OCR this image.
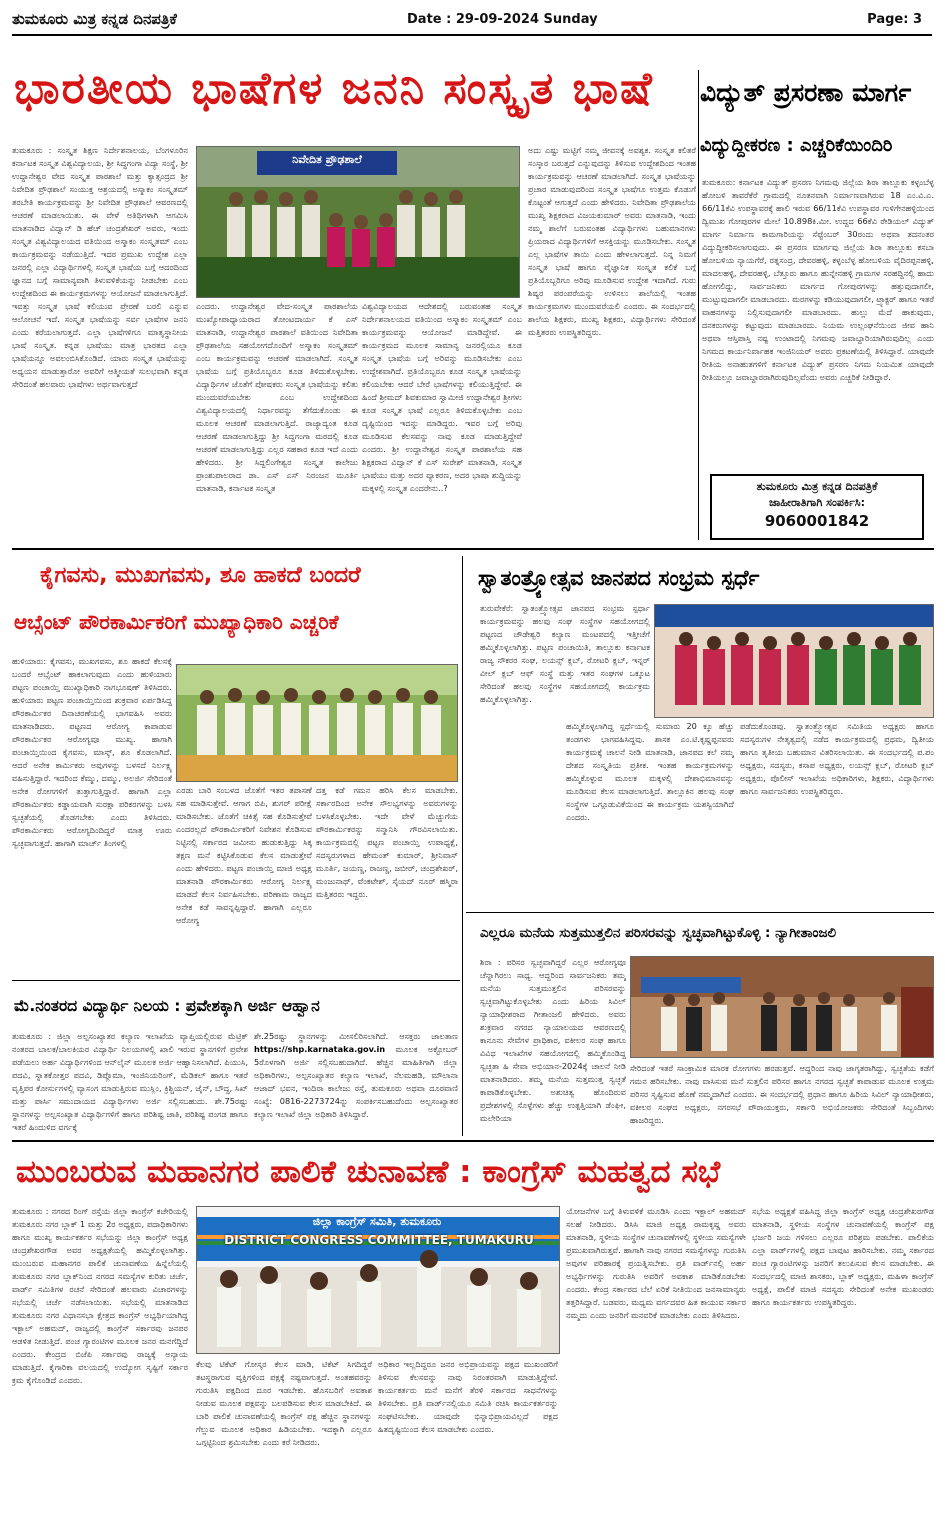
ತುಮಕೂರು ಮಿತ್ರ ಕನ್ನಡ ದಿನಪತ್ರಿಕೆ	Date : 29-09-2024 Sunday	Page: 3
ಭಾರತೀಯ ಭಾಷೆಗಳ ಜನನಿ ಸಂಸ್ಕೃತ ಭಾಷೆ	ವಿದ್ಯುತ್ ಪ್ರಸರಣಾ ಮಾರ್ಗ
ವಿದ್ಯುದ್ದೀಕರಣ : ಎಚ್ಚರಿಕೆಯಿಂದಿರಿ
ತುಮಕೂರು : ಸಂಸ್ಕೃತ ಶಿಕ್ಷಣ ನಿರ್ದೇಶನಾಲಯ, ಬೆಂಗಳೂರಿನ ಕರ್ನಾಟಕ ಸಂಸ್ಕೃತ ವಿಶ್ವವಿದ್ಯಾಲಯ, ಶ್ರೀ ಸಿದ್ಧಗಂಗಾ ವಿದ್ಯಾ ಸಂಸ್ಥೆ, ಶ್ರೀ ಉದ್ದಾನೇಶ್ವರ ವೇದ ಸಂಸ್ಕೃತ ಪಾಠಶಾಲೆ ಮತ್ತು ಕ್ಯಾತ್ಸಂದ್ರದ ಶ್ರೀ ನಿವೇದಿತ ಪ್ರೌಢಶಾಲೆ ಸಂಯುಕ್ತ ಆಶ್ರಯದಲ್ಲಿ ಅಸ್ಮಾಕಂ ಸಂಸ್ಕೃತಮ್ ತರಬೇತಿ ಕಾರ್ಯಕ್ರಮವನ್ನು ಶ್ರೀ ನಿವೇದಿತ ಪ್ರೌಢಶಾಲೆ ಆವರಣದಲ್ಲಿ ಆಚರಣೆ ಮಾಡಲಾಯಿತು. ಈ ವೇಳೆ ಅತಿಥಿಗಳಾಗಿ ಆಗಮಿಸಿ ಮಾತನಾಡಿದ ವಿದ್ವಾನ್ ಡಿ ಹೆಚ್ ಚಂದ್ರಶೇಖರ್ ಅವರು, ಇಂದು ಸಂಸ್ಕೃತ ವಿಶ್ವವಿದ್ಯಾಲಯದ ವತಿಯಿಂದ ಅಸ್ಮಾಕಂ ಸಂಸ್ಕೃತಮ್ ಎಂಬ ಕಾರ್ಯಕ್ರಮವನ್ನು ನಡೆಯುತ್ತಿದೆ. ಇದರ ಪ್ರಮುಖ ಉದ್ದೇಶ ಎಲ್ಲಾ ಜನರಲ್ಲಿ ಎಲ್ಲಾ ವಿದ್ಯಾರ್ಥಿಗಳಲ್ಲಿ ಸಂಸ್ಕೃತ ಭಾಷೆಯ ಬಗ್ಗೆ ಆದರದಿಂದ ಜ್ಞಾನದ ಬಗ್ಗೆ ಸಾಮಾನ್ಯವಾಗಿ ತಿಳುವಳಿಕೆಯನ್ನು ನೀಡಬೇಕು ಎಂಬ ಉದ್ದೇಶದಿಂದ ಈ ಕಾರ್ಯಕ್ರಮಗಳನ್ನು ಆಯೋಜನೆ ಮಾಡಲಾಗುತ್ತಿದೆ. ಇವತ್ತು ಸಂಸ್ಕೃತ ಭಾಷೆ ಕಲಿಯುವ ಪ್ರೇರಣೆ ಬರಲಿ ಎನ್ನುವ ಆಲೋಚನೆ ಇದೆ. ಸಂಸ್ಕೃತ ಭಾಷೆಯನ್ನು ಸರ್ವ ಭಾಷೆಗಳ ಜನನಿ ಎಂದು ಕರೆಯಲಾಗುತ್ತದೆ. ಎಲ್ಲಾ ಭಾಷೆಗಳಿಗೂ ಮಾತೃಸ್ಥಾನೀಯ ಭಾಷೆ ಸಂಸ್ಕೃತ. ಕನ್ನಡ ಭಾಷೆಯು ಮಾತ್ರ ಭಾರತದ ಎಲ್ಲಾ ಭಾಷೆಯನ್ನೂ ಅವಲಂಬಿಸಿಕೊಂಡಿದೆ. ಯಾರು ಸಂಸ್ಕೃತ ಭಾಷೆಯನ್ನು ಅಧ್ಯಯನ ಮಾಡುತ್ತಾರೋ ಅವರಿಗೆ ಆತ್ಮೀಯತೆ ಸುಲಭವಾಗಿ ಕನ್ನಡ ಸೇರಿದಂತೆ ಹಲವಾರು ಭಾಷೆಗಳು ಅರ್ಥವಾಗುತ್ತದೆ
ನಿವೇದಿತ ಪ್ರೌಢಶಾಲೆ
ಎಂದರು. ಉದ್ದಾನೇಶ್ವರ ವೇದ-ಸಂಸ್ಕೃತ ಪಾಠಶಾಲೆಯ ಮುಖ್ಯೋಪಾಧ್ಯಾಯರಾದ ತೋಂಟದಾರ್ಯ ಕೆ ಎಸ್ ಮಾತನಾಡಿ, ಉದ್ದಾನೇಶ್ವರ ಪಾಠಶಾಲೆ ವತಿಯಿಂದ ನಿವೇದಿತಾ ಪ್ರೌಢಶಾಲೆಯ ಸಹಯೋಗದೊಂದಿಗೆ ಅಸ್ಮಾಕಂ ಸಂಸ್ಕೃತಮ್ ಎಂಬ ಕಾರ್ಯಕ್ರಮವನ್ನು ಆಚರಣೆ ಮಾಡಲಾಗಿದೆ. ಸಂಸ್ಕೃತ ಭಾಷೆಯ ಬಗ್ಗೆ ಪ್ರತಿಯೊಬ್ಬರೂ ಕೂಡ ತಿಳಿದುಕೊಳ್ಳಬೇಕು. ವಿದ್ಯಾರ್ಥಿಗಳ ಜೊತೆಗೆ ಪೋಷಕರು ಸಂಸ್ಕೃತ ಭಾಷೆಯನ್ನು ಕಲಿತು ಮುಂದುವರೆಯಬೇಕು ಎಂಬ ಉದ್ದೇಶದಿಂದ ವಿಶ್ವವಿದ್ಯಾಲಯದಲ್ಲಿ ನಿರ್ಧಾರವನ್ನು ತೆಗೆದುಕೊಂಡು ಈ ಮೂಲಕ ಆಚರಣೆ ಮಾಡಲಾಗುತ್ತಿದೆ. ರಾಜ್ಯಾದ್ಯಂತ ಕೂಡ ಆಚರಣೆ ಮಾಡಲಾಗುತ್ತಿದ್ದು ಶ್ರೀ ಸಿದ್ದಗಂಗಾ ಮಠದಲ್ಲಿ ಕೂಡ ಆಚರಣೆ ಮಾಡಲಾಗುತ್ತಿದ್ದು ಎಲ್ಲರ ಸಹಕಾರ ಕೂಡ ಇದೆ ಎಂದು ಹೇಳಿದರು. ಶ್ರೀ ಸಿದ್ದಲಿಂಗೇಶ್ವರ ಸಂಸ್ಕೃತ ಕಾಲೇಜು ಪ್ರಾಂಶುಪಾಲರಾದ ಡಾ. ಎಸ್ ಎಸ್ ನಿರಂಜನ ಮೂರ್ತಿ ಮಾತನಾಡಿ, ಕರ್ನಾಟಕ ಸಂಸ್ಕೃತ
ವಿಶ್ವವಿದ್ಯಾಲಯದ ಆದೇಶದಲ್ಲಿ ಬರುವಂತಹ ಸಂಸ್ಕೃತ ನಿರ್ದೇಶನಾಲಯದ ವತಿಯಿಂದ ಅಸ್ಮಾಕಂ ಸಂಸ್ಕೃತಮ್ ಎಂಬ ಕಾರ್ಯಕ್ರಮವನ್ನು ಆಯೋಜನೆ ಮಾಡಿದ್ದೇವೆ. ಈ ಕಾರ್ಯಕ್ರಮದ ಮೂಲಕ ಸಾಮಾನ್ಯ ಜನರಲ್ಲಿಯೂ ಕೂಡ ಸಂಸ್ಕೃತ ಭಾಷೆಯ ಬಗ್ಗೆ ಅರಿವನ್ನು ಮೂಡಿಸಬೇಕು ಎಂಬ ಉದ್ದೇಶವಾಗಿದೆ. ಪ್ರತಿಯೊಬ್ಬರೂ ಕೂಡ ಸಂಸ್ಕೃತ ಭಾಷೆಯನ್ನು ಕಲಿಯಬೇಕು ಆದರೆ ಬೇರೆ ಭಾಷೆಗಳನ್ನು ಕಲಿಯುತ್ತಿದ್ದೇವೆ. ಈ ಹಿಂದೆ ಶ್ರೀಮದ್ ಶಿವಕುಮಾರ ಸ್ವಾಮೀಜಿ ಉದ್ದಾನೇಶ್ವರ ಶ್ರೀಗಳು ಕೂಡ ಸಂಸ್ಕೃತ ಭಾಷೆ ಎಲ್ಲರೂ ತಿಳಿದುಕೊಳ್ಳಬೇಕು ಎಂಬ ದೃಷ್ಟಿಯಿಂದ ಇದನ್ನು ಮಾಡಿದ್ದರು. ಇವರ ಬಗ್ಗೆ ಅರಿವು ಮೂಡಿಸುವ ಕೆಲಸವನ್ನು ನಾವು ಕೂಡ ಮಾಡುತ್ತಿದ್ದೇವೆ ಎಂದರು. ಶ್ರೀ ಉದ್ದಾನೇಶ್ವರ ಸಂಸ್ಕೃತ ಪಾಠಶಾಲೆಯ ಸಹ ಶಿಕ್ಷಕರಾದ ವಿದ್ವಾನ್ ಕೆ ಎಸ್ ಸುರೇಶ್ ಮಾತನಾಡಿ, ಸಂಸ್ಕೃತ ಭಾಷೆಯು ಮತ್ತು ಅದರ ವ್ಯಾಕರಣ, ಅದರ ಭಾಷಾ ಶುದ್ಧಿಯನ್ನು ಮಕ್ಕಳಲ್ಲಿ ಸಂಸ್ಕೃತ ಎಂದರೇನು..?
ಅದು ಎಷ್ಟು ಮಟ್ಟಿಗೆ ನಮ್ಮ ಜೀವನಕ್ಕೆ ಅವಶ್ಯಕ. ಸಂಸ್ಕೃತ ಕಲಿತರೆ ಸಂಸ್ಕಾರ ಬರುತ್ತದೆ ಎನ್ನುವುದನ್ನು ತಿಳಿಸುವ ಉದ್ದೇಶದಿಂದ ಇಂತಹ ಕಾರ್ಯಕ್ರಮವನ್ನು ಆಚರಣೆ ಮಾಡಲಾಗಿದೆ. ಸಂಸ್ಕೃತ ಭಾಷೆಯನ್ನು ಪ್ರಚಾರ ಮಾಡುವುದರಿಂದ ಸಂಸ್ಕೃತ ಭಾಷೆಗೂ ಉತ್ತಮ ಕೊಡುಗೆ ಕೊಟ್ಟಂತೆ ಆಗುತ್ತದೆ ಎಂದು ಹೇಳಿದರು. ನಿವೇದಿತಾ ಪ್ರೌಢಶಾಲೆಯ ಮುಖ್ಯ ಶಿಕ್ಷಕರಾದ ವಿಜಯಕುಮಾರ್ ಅವರು ಮಾತನಾಡಿ, ಇಂದು ನಮ್ಮ ಶಾಲೆಗೆ ಬರುವಂತಹ ವಿದ್ಯಾರ್ಥಿಗಳು ಬಹುಮಾನಗಳು ಪ್ರಿಯರಾದ ವಿದ್ಯಾರ್ಥಿಗಳಿಗೆ ಆಸಕ್ತಿಯನ್ನು ಮೂಡಿಸಬೇಕು. ಸಂಸ್ಕೃತ ಎಲ್ಲ ಭಾಷೆಗಳ ತಾಯಿ ಎಂದು ಹೇಳಲಾಗುತ್ತದೆ. ನಿನ್ನ ನಿಮಗೆ ಸಂಸ್ಕೃತ ಭಾಷೆ ಹಾಗೂ ವೈಜ್ಞಾನಿಕ ಸಂಸ್ಕೃತ ಕಲಿಕೆ ಬಗ್ಗೆ ಪ್ರತಿಯೊಬ್ಬರಿಗೂ ಅರಿವು ಮೂಡಿಸುವ ಉದ್ದೇಶ ಇದಾಗಿದೆ. ಗುರು ಶಿಷ್ಯರ ಪರಂಪರೆಯನ್ನು ಉಳಿಸಲು ಶಾಲೆಯಲ್ಲಿ ಇಂತಹ ಕಾರ್ಯಕ್ರಮಗಳು ಮುಂದುವರೆಯಲಿ ಎಂದರು. ಈ ಸಂದರ್ಭದಲ್ಲಿ ಶಾಲೆಯ ಶಿಕ್ಷಕರು, ಮುಖ್ಯ ಶಿಕ್ಷಕರು, ವಿದ್ಯಾರ್ಥಿಗಳು ಸೇರಿದಂತೆ ಮತ್ತಿತರರು ಉಪಸ್ಥಿತರಿದ್ದರು.
ತುಮಕೂರು: ಕರ್ನಾಟಕ ವಿದ್ಯುತ್ ಪ್ರಸರಣ ನಿಗಮವು ಜಿಲ್ಲೆಯ ಶಿರಾ ತಾಲ್ಲೂಕು ಕಳ್ಳಂಬೆಳ್ಳ ಹೋಬಳಿ ತಾವರೆಕೆರೆ ಗ್ರಾಮದಲ್ಲಿ ನೂತನವಾಗಿ ನಿರ್ಮಾಣವಾಗಿರುವ 18 ಎಂ.ವಿ.ಎ. 66/11ಕೆವಿ ಉಪಸ್ಥಾವರಕ್ಕೆ ಹಾಲಿ ಇರುವ 66/11ಕೆವಿ ಉಪಸ್ಥಾವರ ಗುಳಿಗೇನಹಳ್ಳಿಯಿಂದ ದ್ವಿಮುಖ ಗೋಪುರಗಳ ಮೇಲೆ 10.898ಕಿ.ಮೀ. ಉದ್ದದ 66ಕೆವಿ ರೇಡಿಯಲ್ ವಿದ್ಯುತ್ ಮಾರ್ಗ ನಿರ್ಮಾಣ ಕಾಮಗಾರಿಯನ್ನು ಸೆಪ್ಟೆಂಬರ್ 30ರಂದು ಅಥವಾ ತದನಂತರ ವಿದ್ಯುದ್ದೀಕರಿಸಲಾಗುವುದು. ಈ ಪ್ರಸರಣ ಮಾರ್ಗವು ಜಿಲ್ಲೆಯ ಶಿರಾ ತಾಲ್ಲೂಕು ಕಸಬಾ ಹೋಬಳಿಯ ನ್ಯಾಯಗೆರೆ, ರತ್ನಸಂದ್ರ, ದೇವರಹಳ್ಳಿ, ಕಳ್ಳಂಬೆಳ್ಳ ಹೋಬಳಿಯ ವೈದಿರಪ್ಪನಹಳ್ಳಿ, ಮಾದಲಹಳ್ಳಿ, ದೇವರಹಳ್ಳಿ, ಬೆತ್ತೂರು ಹಾಗೂ ಹುನ್ನೇನಹಳ್ಳಿ ಗ್ರಾಮಗಳ ಸರಹದ್ದಿನಲ್ಲಿ ಹಾದು ಹೋಗಲಿದ್ದು, ಸಾರ್ವಜನಿಕರು ಮಾರ್ಗದ ಗೋಪುರಗಳನ್ನು ಹತ್ತುವುದಾಗಲೀ, ಮುಟ್ಟುವುದಾಗಲೀ ಮಾಡಬಾರದು. ಮರಗಳನ್ನು ಕಡಿಯುವುದಾಗಲೀ, ಟ್ರ್ಯಾಕ್ಟರ್ ಹಾಗೂ ಇತರೆ ವಾಹನಗಳನ್ನು ನಿಲ್ಲಿಸುವುದಾಗಲೀ ಮಾಡಬಾರದು. ಹುಲ್ಲು ಮೆದೆ ಹಾಕುವುದು, ದನಕರುಗಳನ್ನು ಕಟ್ಟುವುದು ಮಾಡಬಾರದು. ನಿಯಮ ಉಲ್ಲಂಘನೆಯಿಂದ ಜೀವ ಹಾನಿ ಅಥವಾ ಆಸ್ತಿಪಾಸ್ತಿ ನಷ್ಟ ಉಂಟಾದಲ್ಲಿ ನಿಗಮವು ಜವಾಬ್ದಾರಿಯಾಗಿರುವುದಿಲ್ಲ ಎಂದು ನಿಗಮದ ಕಾರ್ಯನಿರ್ವಾಹಕ ಇಂಜಿನಿಯರ್ ಅವರು ಪ್ರಕಟಣೆಯಲ್ಲಿ ತಿಳಿಸಿದ್ದಾರೆ. ಯಾವುದೇ ರೀತಿಯ ಅನಾಹುತಗಳಿಗೆ ಕರ್ನಾಟಕ ವಿದ್ಯುತ್ ಪ್ರಸರಣ ನಿಗಮ ನಿಯಮಿತ ಯಾವುದೇ ರೀತಿಯಲ್ಲೂ ಜವಾಬ್ದಾರರಾಗಿರುವುದಿಲ್ಲವೆಂದು ಅವರು ಎಚ್ಚರಿಕೆ ನೀಡಿದ್ದಾರೆ.
ತುಮಕೂರು ಮಿತ್ರ ಕನ್ನಡ ದಿನಪತ್ರಿಕೆ
ಜಾಹೀರಾತಿಗಾಗಿ ಸಂಪರ್ಕಿಸಿ:
9060001842
ಕೈಗವಸು, ಮುಖಗವಸು, ಶೂ ಹಾಕದೆ ಬಂದರೆ
ಆಬ್ಸೆಂಟ್ ಪೌರಕಾರ್ಮಿಕರಿಗೆ ಮುಖ್ಯಾಧಿಕಾರಿ ಎಚ್ಚರಿಕೆ
ಹುಳಿಯಾರು: ಕೈಗವಸು, ಮುಖಗವಸು, ಶೂ ಹಾಕದೆ ಕೆಲಸಕ್ಕೆ ಬಂದರೆ ಆಬ್ಸೆಂಟ್ ಹಾಕಲಾಗುವುದು ಎಂದು ಹುಳಿಯಾರು ಪಟ್ಟಣ ಪಂಚಾಯ್ತಿ ಮುಖ್ಯಾಧಿಕಾರಿ ನಾಗಭೂಷಣ್ ತಿಳಿಸಿದರು. ಹುಳಿಯಾರು ಪಟ್ಟಣ ಪಂಚಾಯ್ತಿಯಿಂದ ಶುಕ್ರವಾರ ಏರ್ಪಡಿಸಿದ್ದ ಪೌರಕಾರ್ಮಿಕರ ದಿನಾಚರಣೆಯಲ್ಲಿ ಭಾಗವಹಿಸಿ ಅವರು ಮಾತನಾಡಿದರು. ಪಟ್ಟಣದ ಆರೋಗ್ಯ ಕಾಪಾಡುವ ಪೌರಕಾರ್ಮಿಕರ ಆರೋಗ್ಯವೂ ಮುಖ್ಯ. ಹಾಗಾಗಿ ಪಂಚಾಯ್ತಿಯಿಂದ ಕೈಗವಸು, ಮಾಸ್ಕ್, ಶೂ ಕೊಡಲಾಗಿದೆ. ಆದರೆ ಅನೇಕ ಕಾರ್ಮಿಕರು ಅವುಗಳನ್ನು ಬಳಸದೆ ನಿರ್ಲಕ್ಷ್ಯ ವಹಿಸುತ್ತಿದ್ದಾರೆ. ಇದರಿಂದ ಕೆಮ್ಮು, ದಮ್ಮು, ಅಲರ್ಜಿ ಸೇರಿದಂತೆ ಅನೇಕ ರೋಗಗಳಿಗೆ ತುತ್ತಾಗುತ್ತಿದ್ದಾರೆ. ಹಾಗಾಗಿ ಎಲ್ಲಾ ಪೌರಕಾರ್ಮಿಕರು ಕಡ್ಡಾಯವಾಗಿ ಸುರಕ್ಷಾ ಪರಿಕರಗಳನ್ನು ಬಳಸಿ ಸ್ವಚ್ಛತೆಯಲ್ಲಿ ತೊಡಗಬೇಕು ಎಂದು ತಿಳಿಸಿದರು. ಪೌರಕಾರ್ಮಿಕರು ಆರೋಗ್ಯದಿಂದಿದ್ದರೆ ಮಾತ್ರ ಊರು ಸ್ವಚ್ಛವಾಗುತ್ತದೆ. ಹಾಗಾಗಿ ಮಾರ್ಚ್ ತಿಂಗಳಲ್ಲಿ
ಎರಡು ಬಾರಿ ಸಂಬಳದ ಜೊತೆಗೆ ಇತರ ತಪಾಸಣೆ ಸಹ ಮಾಡಿಸುತ್ತೇವೆ. ಆಗಾಗ ಬಿಪಿ, ಶುಗರ್ ಪರೀಕ್ಷೆ ಮಾಡಿಸಬೇಕು. ಜೊತೆಗೆ ಚಿಕಿತ್ಸೆ ಸಹ ಕೊಡಿಸುತ್ತೇವೆ ಎಂದರಲ್ಲದೆ ಪೌರಕಾರ್ಮಿಕರಿಗೆ ನಿವೇಶನ ಕೊಡಿಸುವ ನಿಟ್ಟಿನಲ್ಲಿ ಸರ್ಕಾರದ ಜಮೀನು ಹುಡುಕುತ್ತಿದ್ದು ಸಿಕ್ಕ ತಕ್ಷಣ ಮನೆ ಕಟ್ಟಿಸಿಕೊಡುವ ಕೆಲಸ ಮಾಡುತ್ತೇವೆ ಎಂದು ಹೇಳಿದರು. ಪಟ್ಟಣ ಪಂಚಾಯ್ತಿ ಮಾಜಿ ಅಧ್ಯಕ್ಷ ಮಾತನಾಡಿ ಪೌರಕಾರ್ಮಿಕರು ಆರೋಗ್ಯ ನಿರ್ಲಕ್ಷ್ಯ ಮಾಡದೆ ಕೆಲಸ ನಿರ್ವಹಿಸಬೇಕು. ಪರಿಣಾಮ ರಾಜ್ಯದ ಅನೇಕ ಕಡೆ ಸಾವನ್ನಪ್ಪಿದ್ದಾರೆ. ಹಾಗಾಗಿ ಎಲ್ಲರೂ ಆರೋಗ್ಯ
ದತ್ತ ಕಡೆ ಗಮನ ಹರಿಸಿ ಕೆಲಸ ಮಾಡಬೇಕು. ಸರ್ಕಾರದಿಂದ ಅನೇಕ ಸೌಲಭ್ಯಗಳನ್ನು ಅವರುಗಳನ್ನು ಬಳಸಿಕೊಳ್ಳಬೇಕು. ಇದೇ ವೇಳೆ ಮೆಚ್ಚುಗೆಯ ಪೌರಕಾರ್ಮಿಕರನ್ನು ಸನ್ಮಾನಿಸಿ ಗೌರವಿಸಲಾಯಿತು. ಕಾರ್ಯಕ್ರಮದಲ್ಲಿ ಪಟ್ಟಣ ಪಂಚಾಯ್ತಿ ಉಪಾಧ್ಯಕ್ಷೆ, ಸದಸ್ಯರುಗಳಾದ ಹೇಮಂತ್ ಕುಮಾರ್, ಶ್ರೀನಿವಾಸ್ ಮೂರ್ತಿ, ಜಯಣ್ಣ, ರಾಜಣ್ಣ, ಜಬೀರ್, ಚಂದ್ರಶೇಖರ್, ಮಂಜುನಾಥ್, ವೆಂಕಟೇಶ್, ಸೈಯದ್ ನೂರ್ ಹಸ್ಮಿರಾ ಮತ್ತಿತರರು ಇದ್ದರು.
ಸ್ವಾತಂತ್ರ್ಯೋತ್ಸವ ಜಾನಪದ ಸಂಭ್ರಮ ಸ್ಪರ್ಧೆ
ತುರುವೇಕೆರೆ: ಸ್ವಾತಂತ್ರ್ಯೋತ್ಸವ ಜಾನಪದ ಸಂಭ್ರಮ ಸ್ಪರ್ಧಾ ಕಾರ್ಯಕ್ರಮವನ್ನು ಹಲವು ಸಂಘ ಸಂಸ್ಥೆಗಳ ಸಹಯೋಗದಲ್ಲಿ ಪಟ್ಟಣದ ಚೌಡೇಶ್ವರಿ ಕಲ್ಯಾಣ ಮಂಟಪದಲ್ಲಿ ಇತ್ತೀಚೆಗೆ ಹಮ್ಮಿಕೊಳ್ಳಲಾಗಿತ್ತು. ಪಟ್ಟಣ ಪಂಚಾಯಿತಿ, ತಾಲ್ಲೂಕು ಕರ್ನಾಟಕ ರಾಜ್ಯ ನೌಕರರ ಸಂಘ, ಲಯನ್ಸ್ ಕ್ಲಬ್, ರೋಟರಿ ಕ್ಲಬ್, ಇನ್ನರ್ ವೀಲ್ ಕ್ಲಬ್ ಆಫ್ ಸಂಸ್ಥೆ ಮತ್ತು ಇತರ ಸಂಘಗಳ ಒಕ್ಕೂಟ ಸೇರಿದಂತೆ ಹಲವು ಸಂಸ್ಥೆಗಳ ಸಹಯೋಗದಲ್ಲಿ ಕಾರ್ಯಕ್ರಮ ಹಮ್ಮಿಕೊಳ್ಳಲಾಗಿತ್ತು.
ಹಮ್ಮಿಕೊಳ್ಳಲಾಗಿದ್ದ ಸ್ಪರ್ಧೆಯಲ್ಲಿ ಸುಮಾರು 20 ಕ್ಕೂ ಹೆಚ್ಚು ತಂಡಗಳು ಭಾಗವಹಿಸಿದ್ದವು. ಶಾಸಕ ಎಂ.ಟಿ.ಕೃಷ್ಣಪ್ಪನವರು ಕಾರ್ಯಕ್ರಮಕ್ಕೆ ಚಾಲನೆ ನೀಡಿ ಮಾತನಾಡಿ, ಜಾನಪದ ಕಲೆ ನಮ್ಮ ದೇಶದ ಸಂಸ್ಕೃತಿಯ ಪ್ರತೀಕ. ಇಂತಹ ಕಾರ್ಯಕ್ರಮಗಳನ್ನು ಹಮ್ಮಿಕೊಳ್ಳುವ ಮೂಲಕ ಮಕ್ಕಳಲ್ಲಿ ದೇಶಾಭಿಮಾನವನ್ನು ಮೂಡಿಸುವ ಕೆಲಸ ಮಾಡಲಾಗುತ್ತಿದೆ. ತಾಲ್ಲೂಕಿನ ಹಲವು ಸಂಘ ಸಂಸ್ಥೆಗಳ ಒಗ್ಗೂಡುವಿಕೆಯಿಂದ ಈ ಕಾರ್ಯಕ್ರಮ ಯಶಸ್ವಿಯಾಗಿದೆ ಎಂದರು.
ಪಡೆದುಕೊಂಡವು. ಸ್ವಾತಂತ್ರ್ಯೋತ್ಸವ ಸಮಿತಿಯ ಅಧ್ಯಕ್ಷರು ಹಾಗೂ ಸದಸ್ಯರುಗಳ ನೇತೃತ್ವದಲ್ಲಿ ನಡೆದ ಕಾರ್ಯಕ್ರಮದಲ್ಲಿ ಪ್ರಥಮ, ದ್ವಿತೀಯ ಹಾಗೂ ತೃತೀಯ ಬಹುಮಾನ ವಿತರಿಸಲಾಯಿತು. ಈ ಸಂದರ್ಭದಲ್ಲಿ ಪ.ಪಂ ಅಧ್ಯಕ್ಷರು, ಸದಸ್ಯರು, ಕಸಾಪ ಅಧ್ಯಕ್ಷರು, ಲಯನ್ಸ್ ಕ್ಲಬ್, ರೋಟರಿ ಕ್ಲಬ್ ಅಧ್ಯಕ್ಷರು, ಪೊಲೀಸ್ ಇಲಾಖೆಯ ಅಧಿಕಾರಿಗಳು, ಶಿಕ್ಷಕರು, ವಿದ್ಯಾರ್ಥಿಗಳು ಹಾಗೂ ಸಾರ್ವಜನಿಕರು ಉಪಸ್ಥಿತರಿದ್ದರು.
ಎಲ್ಲರೂ ಮನೆಯ ಸುತ್ತಮುತ್ತಲಿನ ಪರಿಸರವನ್ನು ಸ್ವಚ್ಛವಾಗಿಟ್ಟುಕೊಳ್ಳಿ : ನ್ಯಾಗೀತಾಂಜಲಿ
ಶಿರಾ : ಪರಿಸರ ಸ್ವಚ್ಛವಾಗಿದ್ದರೆ ಎಲ್ಲರ ಆರೋಗ್ಯವೂ ಚೆನ್ನಾಗಿರಲು ಸಾಧ್ಯ. ಆದ್ದರಿಂದ ಸಾರ್ವಜನಿಕರು ತಮ್ಮ ಮನೆಯ ಸುತ್ತಮುತ್ತಲಿನ ಪರಿಸರವನ್ನು ಸ್ವಚ್ಛವಾಗಿಟ್ಟುಕೊಳ್ಳಬೇಕು ಎಂದು ಹಿರಿಯ ಸಿವಿಲ್ ನ್ಯಾಯಾಧೀಶರಾದ ಗೀತಾಂಜಲಿ ಹೇಳಿದರು. ಅವರು ಶುಕ್ರವಾರ ನಗರದ ನ್ಯಾಯಾಲಯದ ಆವರಣದಲ್ಲಿ ಕಾನೂನು ಸೇವೆಗಳ ಪ್ರಾಧಿಕಾರ, ವಕೀಲರ ಸಂಘ ಹಾಗೂ ವಿವಿಧ ಇಲಾಖೆಗಳ ಸಹಯೋಗದಲ್ಲಿ ಹಮ್ಮಿಕೊಂಡಿದ್ದ ಸ್ವಚ್ಛತಾ ಹಿ ಸೇವಾ ಅಭಿಯಾನ-2024ಕ್ಕೆ ಚಾಲನೆ ನೀಡಿ ಮಾತನಾಡಿದರು. ತಮ್ಮ ಮನೆಯ ಸುತ್ತಮುತ್ತ ಸ್ವಚ್ಛತೆ ಕಾಪಾಡಿಕೊಳ್ಳಬೇಕು. ಅಶುಚಿತ್ವ ಹೊಂದಿರುವ ಪ್ರದೇಶಗಳಲ್ಲಿ ಸೊಳ್ಳೆಗಳು ಹೆಚ್ಚು ಉತ್ಪತ್ತಿಯಾಗಿ ಡೆಂಘೀ, ಮಲೇರಿಯಾ
ಸೇರಿದಂತೆ ಇತರೆ ಸಾಂಕ್ರಾಮಿಕ ಮಾರಕ ರೋಗಗಳು ಹರಡುತ್ತವೆ. ಆದ್ದರಿಂದ ನಾವು ಜಾಗೃತರಾಗಿದ್ದು, ಸ್ವಚ್ಛತೆಯ ಕಡೆಗೆ ಗಮನ ಹರಿಸಬೇಕು. ನಾವು ವಾಸಿಸುವ ಮನೆ ಸುತ್ತಲಿನ ಪರಿಸರ ಹಾಗೂ ನಗರದ ಸ್ವಚ್ಛತೆ ಕಾಪಾಡುವ ಮೂಲಕ ಉತ್ತಮ ಪರಿಸರ ಸೃಷ್ಟಿಸುವ ಹೊಣೆ ನಮ್ಮದಾಗಿದೆ ಎಂದರು. ಈ ಸಂದರ್ಭದಲ್ಲಿ ಪ್ರಧಾನ ಹಾಗೂ ಹಿರಿಯ ಸಿವಿಲ್ ನ್ಯಾಯಾಧೀಶರು, ವಕೀಲರ ಸಂಘದ ಅಧ್ಯಕ್ಷರು, ನಗರಸಭೆ ಪೌರಾಯುಕ್ತರು, ಸರ್ಕಾರಿ ಅಭಿಯೋಜಕರು ಸೇರಿದಂತೆ ಸಿಬ್ಬಂದಿಗಳು ಹಾಜರಿದ್ದರು.
ಮೆ.ನಂತರದ ವಿದ್ಯಾರ್ಥಿ ನಿಲಯ : ಪ್ರವೇಶಕ್ಕಾಗಿ ಅರ್ಜಿ ಆಹ್ವಾನ
ತುಮಕೂರು : ಜಿಲ್ಲಾ ಅಲ್ಪಸಂಖ್ಯಾತರ ಕಲ್ಯಾಣ ಇಲಾಖೆಯ ವ್ಯಾಪ್ತಿಯಲ್ಲಿರುವ ಮೆಟ್ರಿಕ್ ನಂತರದ ಬಾಲಕ/ಬಾಲಕಿಯರ ವಿದ್ಯಾರ್ಥಿ ನಿಲಯಗಳಲ್ಲಿ ಖಾಲಿ ಇರುವ ಸ್ಥಾನಗಳಿಗೆ ಪ್ರವೇಶ ಪಡೆಯಲು ಅರ್ಹ ವಿದ್ಯಾರ್ಥಿಗಳಿಂದ ಆನ್‌ಲೈನ್ ಮೂಲಕ ಅರ್ಜಿ ಆಹ್ವಾನಿಸಲಾಗಿದೆ. ಪಿಯುಸಿ, ಪದವಿ, ಸ್ನಾತಕೋತ್ತರ ಪದವಿ, ಡಿಪ್ಲೊಮಾ, ಇಂಜಿನಿಯರಿಂಗ್, ಮೆಡಿಕಲ್ ಹಾಗೂ ಇತರೆ ವೃತ್ತಿಪರ ಕೋರ್ಸುಗಳಲ್ಲಿ ವ್ಯಾಸಂಗ ಮಾಡುತ್ತಿರುವ ಮುಸ್ಲಿಂ, ಕ್ರಿಶ್ಚಿಯನ್, ಜೈನ್, ಬೌದ್ಧ, ಸಿಖ್ ಮತ್ತು ಪಾರ್ಸಿ ಸಮುದಾಯದ ವಿದ್ಯಾರ್ಥಿಗಳು ಅರ್ಜಿ ಸಲ್ಲಿಸಬಹುದು. ಶೇ.75ರಷ್ಟು ಸ್ಥಾನಗಳನ್ನು ಅಲ್ಪಸಂಖ್ಯಾತ ವಿದ್ಯಾರ್ಥಿಗಳಿಗೆ ಹಾಗೂ ಪರಿಶಿಷ್ಟ ಜಾತಿ, ಪರಿಶಿಷ್ಟ ಪಂಗಡ ಹಾಗೂ ಇತರೆ ಹಿಂದುಳಿದ ವರ್ಗಕ್ಕೆ
ಶೇ.25ರಷ್ಟು ಸ್ಥಾನಗಳನ್ನು ಮೀಸಲಿರಿಸಲಾಗಿದೆ. ಆಸಕ್ತರು ಜಾಲತಾಣ https://shp.karnataka.gov.in ಮೂಲಕ ಅಕ್ಟೋಬರ್ 5ರೊಳಗಾಗಿ ಅರ್ಜಿ ಸಲ್ಲಿಸಬಹುದಾಗಿದೆ. ಹೆಚ್ಚಿನ ಮಾಹಿತಿಗಾಗಿ ಜಿಲ್ಲಾ ಅಧಿಕಾರಿಗಳು, ಅಲ್ಪಸಂಖ್ಯಾತರ ಕಲ್ಯಾಣ ಇಲಾಖೆ, ನೆಲಮಹಡಿ, ಮೌಲಾನಾ ಆಜಾದ್ ಭವನ, ಇಂದಿರಾ ಕಾಲೇಜು ರಸ್ತೆ, ತುಮಕೂರು ಅಥವಾ ದೂರವಾಣಿ ಸಂಖ್ಯೆ: 0816-2273724ನ್ನು ಸಂಪರ್ಕಿಸಬಹುದೆಂದು ಅಲ್ಪಸಂಖ್ಯಾತರ ಕಲ್ಯಾಣ ಇಲಾಖೆ ಜಿಲ್ಲಾ ಅಧಿಕಾರಿ ತಿಳಿಸಿದ್ದಾರೆ.
ಮುಂಬರುವ ಮಹಾನಗರ ಪಾಲಿಕೆ ಚುನಾವಣೆ : ಕಾಂಗ್ರೆಸ್ ಮಹತ್ವದ ಸಭೆ
ತುಮಕೂರು : ನಗರದ ರಿಂಗ್ ರಸ್ತೆಯ ಜಿಲ್ಲಾ ಕಾಂಗ್ರೆಸ್ ಕಚೇರಿಯಲ್ಲಿ ತುಮಕೂರು ನಗರ ಬ್ಲಾಕ್ 1 ಮತ್ತು 2ರ ಅಧ್ಯಕ್ಷರು, ಪದಾಧಿಕಾರಿಗಳು ಹಾಗೂ ಮುಖ್ಯ ಕಾರ್ಯಕರ್ತರ ಸಭೆಯನ್ನು ಜಿಲ್ಲಾ ಕಾಂಗ್ರೆಸ್ ಅಧ್ಯಕ್ಷ ಚಂದ್ರಶೇಖರಗೌಡ ಅವರ ಅಧ್ಯಕ್ಷತೆಯಲ್ಲಿ ಹಮ್ಮಿಕೊಳ್ಳಲಾಗಿತ್ತು. ಮುಂಬರುವ ಮಹಾನಗರ ಪಾಲಿಕೆ ಚುನಾವಣೆಯ ಹಿನ್ನೆಲೆಯಲ್ಲಿ ತುಮಕೂರು ನಗರ ಬ್ಲಾಕ್‌ನಿಂದ ನಗರದ ಸಮಸ್ಯೆಗಳ ಕುರಿತು ಚರ್ಚೆ, ವಾರ್ಡ್ ಸಮಿತಿಗಳ ರಚನೆ ಸೇರಿದಂತೆ ಹಲವಾರು ವಿಚಾರಗಳನ್ನು ಸಭೆಯಲ್ಲಿ ಚರ್ಚೆ ನಡೆಸಲಾಯಿತು. ಸಭೆಯಲ್ಲಿ ಮಾತನಾಡಿದ ತುಮಕೂರು ನಗರ ವಿಧಾನಸಭಾ ಕ್ಷೇತ್ರದ ಕಾಂಗ್ರೆಸ್ ಅಭ್ಯರ್ಥಿಯಾಗಿದ್ದ ಇಕ್ಬಾಲ್ ಅಹಮದ್, ರಾಜ್ಯದಲ್ಲಿ ಕಾಂಗ್ರೆಸ್ ಸರ್ಕಾರವು ಜನಪರ ಆಡಳಿತ ನೀಡುತ್ತಿದೆ. ಪಂಚ ಗ್ಯಾರಂಟಿಗಳ ಮೂಲಕ ಜನರ ಮನಗೆದ್ದಿದೆ ಎಂದರು. ಕೇಂದ್ರದ ಬಿಜೆಪಿ ಸರ್ಕಾರವು ರಾಜ್ಯಕ್ಕೆ ಅನ್ಯಾಯ ಮಾಡುತ್ತಿದೆ. ಕೈಗಾರಿಕಾ ವಲಯದಲ್ಲಿ ಉದ್ಯೋಗ ಸೃಷ್ಟಿಗೆ ಸರ್ಕಾರ ಕ್ರಮ ಕೈಗೊಂಡಿದೆ ಎಂದರು.
ಜಿಲ್ಲಾ ಕಾಂಗ್ರೆಸ್ ಸಮಿತಿ, ತುಮಕೂರು
DISTRICT CONGRESS COMMITTEE, TUMAKURU
ಕೆಲವು ಟಿಕೆಟ್ ಗೋಸ್ಕರ ಕೆಲಸ ಮಾಡಿ, ಟಿಕೆಟ್ ಸಿಗದಿದ್ದರೆ ತಟಸ್ಥರಾಗುವ ವ್ಯಕ್ತಿಗಳಿಂದ ಪಕ್ಷಕ್ಕೆ ನಷ್ಟವಾಗುತ್ತದೆ. ಅಂತಹವರನ್ನು ಗುರುತಿಸಿ ಪಕ್ಷದಿಂದ ದೂರ ಇಡಬೇಕು. ಹೊಸಬರಿಗೆ ಅವಕಾಶ ನೀಡುವ ಮೂಲಕ ಪಕ್ಷವನ್ನು ಬಲಪಡಿಸುವ ಕೆಲಸ ಮಾಡಬೇಕಿದೆ. ಈ ಬಾರಿ ಪಾಲಿಕೆ ಚುನಾವಣೆಯಲ್ಲಿ ಕಾಂಗ್ರೆಸ್ ಪಕ್ಷ ಹೆಚ್ಚಿನ ಸ್ಥಾನಗಳನ್ನು ಗೆಲ್ಲುವ ಮೂಲಕ ಅಧಿಕಾರ ಹಿಡಿಯಬೇಕು. ಇದಕ್ಕಾಗಿ ಎಲ್ಲರೂ ಒಗ್ಗಟ್ಟಿನಿಂದ ಶ್ರಮಿಸಬೇಕು ಎಂದು ಕರೆ ನೀಡಿದರು.
ಅಧಿಕಾರ ಇಲ್ಲದಿದ್ದರೂ ಜನರ ಅಭಿಪ್ರಾಯವನ್ನು ಪಕ್ಷದ ಮುಖಂಡರಿಗೆ ತಿಳಿಸುವ ಕೆಲಸವನ್ನು ನಾವು ನಿರಂತರವಾಗಿ ಮಾಡುತ್ತಿದ್ದೇವೆ. ಕಾರ್ಯಕರ್ತರು ಮನೆ ಮನೆಗೆ ತೆರಳಿ ಸರ್ಕಾರದ ಸಾಧನೆಗಳನ್ನು ತಿಳಿಸಬೇಕು. ಪ್ರತಿ ವಾರ್ಡ್‌ನಲ್ಲಿಯೂ ಸಮಿತಿ ರಚಿಸಿ ಕಾರ್ಯಕರ್ತರನ್ನು ಸಂಘಟಿಸಬೇಕು. ಯಾವುದೇ ಭಿನ್ನಾಭಿಪ್ರಾಯವಿಲ್ಲದೆ ಪಕ್ಷದ ಹಿತದೃಷ್ಟಿಯಿಂದ ಕೆಲಸ ಮಾಡಬೇಕು ಎಂದರು.
ಯೋಜನೆಗಳ ಬಗ್ಗೆ ತಿಳುವಳಿಕೆ ಮೂಡಿಸಿ ಎಂದು ಇಕ್ಬಾಲ್ ಅಹಮದ್ ಸಲಹೆ ನೀಡಿದರು. ಡಿಸಿಸಿ ಮಾಜಿ ಅಧ್ಯಕ್ಷ ರಾಮಕೃಷ್ಣ ಅವರು ಮಾತನಾಡಿ, ಸ್ಥಳೀಯ ಸಂಸ್ಥೆಗಳ ಚುನಾವಣೆಗಳಲ್ಲಿ ಸ್ಥಳೀಯ ಸಮಸ್ಯೆಗಳೇ ಪ್ರಮುಖವಾಗಿರುತ್ತವೆ. ಹಾಗಾಗಿ ನಾವು ನಗರದ ಸಮಸ್ಯೆಗಳನ್ನು ಗುರುತಿಸಿ ಅವುಗಳ ಪರಿಹಾರಕ್ಕೆ ಪ್ರಯತ್ನಿಸಬೇಕು. ಪ್ರತಿ ವಾರ್ಡ್‌ನಲ್ಲಿ ಅರ್ಹ ಅಭ್ಯರ್ಥಿಗಳನ್ನು ಗುರುತಿಸಿ ಅವರಿಗೆ ಅವಕಾಶ ಮಾಡಿಕೊಡಬೇಕು ಎಂದರು. ಕೇಂದ್ರ ಸರ್ಕಾರದ ಬೆಲೆ ಏರಿಕೆ ನೀತಿಯಿಂದ ಜನಸಾಮಾನ್ಯರು ತತ್ತರಿಸಿದ್ದಾರೆ. ಬಡವರು, ಮಧ್ಯಮ ವರ್ಗದವರ ಹಿತ ಕಾಯುವ ಸರ್ಕಾರ ನಮ್ಮದು ಎಂದು ಜನರಿಗೆ ಮನವರಿಕೆ ಮಾಡಬೇಕು ಎಂದು ತಿಳಿಸಿದರು.
ಸಭೆಯ ಅಧ್ಯಕ್ಷತೆ ವಹಿಸಿದ್ದ ಜಿಲ್ಲಾ ಕಾಂಗ್ರೆಸ್ ಅಧ್ಯಕ್ಷ ಚಂದ್ರಶೇಖರಗೌಡ ಮಾತನಾಡಿ, ಸ್ಥಳೀಯ ಸಂಸ್ಥೆಗಳ ಚುನಾವಣೆಯಲ್ಲಿ ಕಾಂಗ್ರೆಸ್ ಪಕ್ಷ ಭರ್ಜರಿ ಜಯ ಗಳಿಸಲು ಎಲ್ಲರೂ ಪರಿಶ್ರಮ ಪಡಬೇಕು. ಪಾಲಿಕೆಯ ಎಲ್ಲಾ ವಾರ್ಡ್‌ಗಳಲ್ಲಿ ಪಕ್ಷದ ಬಾವುಟ ಹಾರಿಸಬೇಕು. ನಮ್ಮ ಸರ್ಕಾರದ ಪಂಚ ಗ್ಯಾರಂಟಿಗಳನ್ನು ಜನರಿಗೆ ತಲುಪಿಸುವ ಕೆಲಸ ಮಾಡಬೇಕು. ಈ ಸಂದರ್ಭದಲ್ಲಿ ಮಾಜಿ ಶಾಸಕರು, ಬ್ಲಾಕ್ ಅಧ್ಯಕ್ಷರು, ಮಹಿಳಾ ಕಾಂಗ್ರೆಸ್ ಅಧ್ಯಕ್ಷೆ, ಪಾಲಿಕೆ ಮಾಜಿ ಸದಸ್ಯರು ಸೇರಿದಂತೆ ಅನೇಕ ಮುಖಂಡರು ಹಾಗೂ ಕಾರ್ಯಕರ್ತರು ಉಪಸ್ಥಿತರಿದ್ದರು.
